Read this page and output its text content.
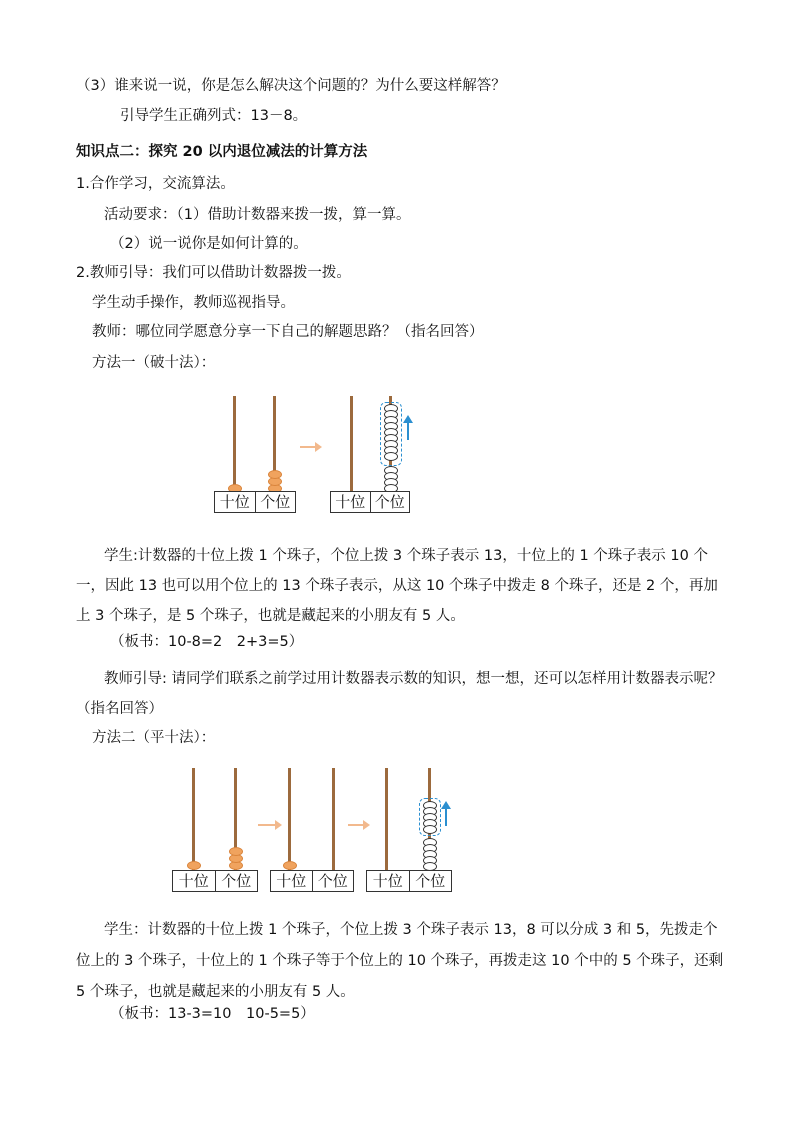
（3）谁来说一说，你是怎么解决这个问题的？为什么要这样解答？
引导学生正确列式：13－8。
知识点二：探究 20 以内退位减法的计算方法
1.合作学习，交流算法。
活动要求：（1）借助计数器来拨一拨，算一算。
（2）说一说你是如何计算的。
2.教师引导：我们可以借助计数器拨一拨。
学生动手操作，教师巡视指导。
教师：哪位同学愿意分享一下自己的解题思路？（指名回答）
方法一（破十法）：
十位 个位	十位 个位
学生:计数器的十位上拨 1 个珠子，个位上拨 3 个珠子表示 13，十位上的 1 个珠子表示 10 个一，因此 13 也可以用个位上的 13 个珠子表示，从这 10 个珠子中拨走 8 个珠子，还是 2 个，再加上 3 个珠子，是 5 个珠子，也就是藏起来的小朋友有 5 人。
（板书：10-8=2　2+3=5）
教师引导: 请同学们联系之前学过用计数器表示数的知识，想一想，还可以怎样用计数器表示呢？（指名回答）
方法二（平十法）：
十位 个位	十位 个位	十位 个位
学生：计数器的十位上拨 1 个珠子，个位上拨 3 个珠子表示 13，8 可以分成 3 和 5，先拨走个位上的 3 个珠子，十位上的 1 个珠子等于个位上的 10 个珠子，再拨走这 10 个中的 5 个珠子，还剩 5 个珠子，也就是藏起来的小朋友有 5 人。
（板书：13-3=10　10-5=5）
